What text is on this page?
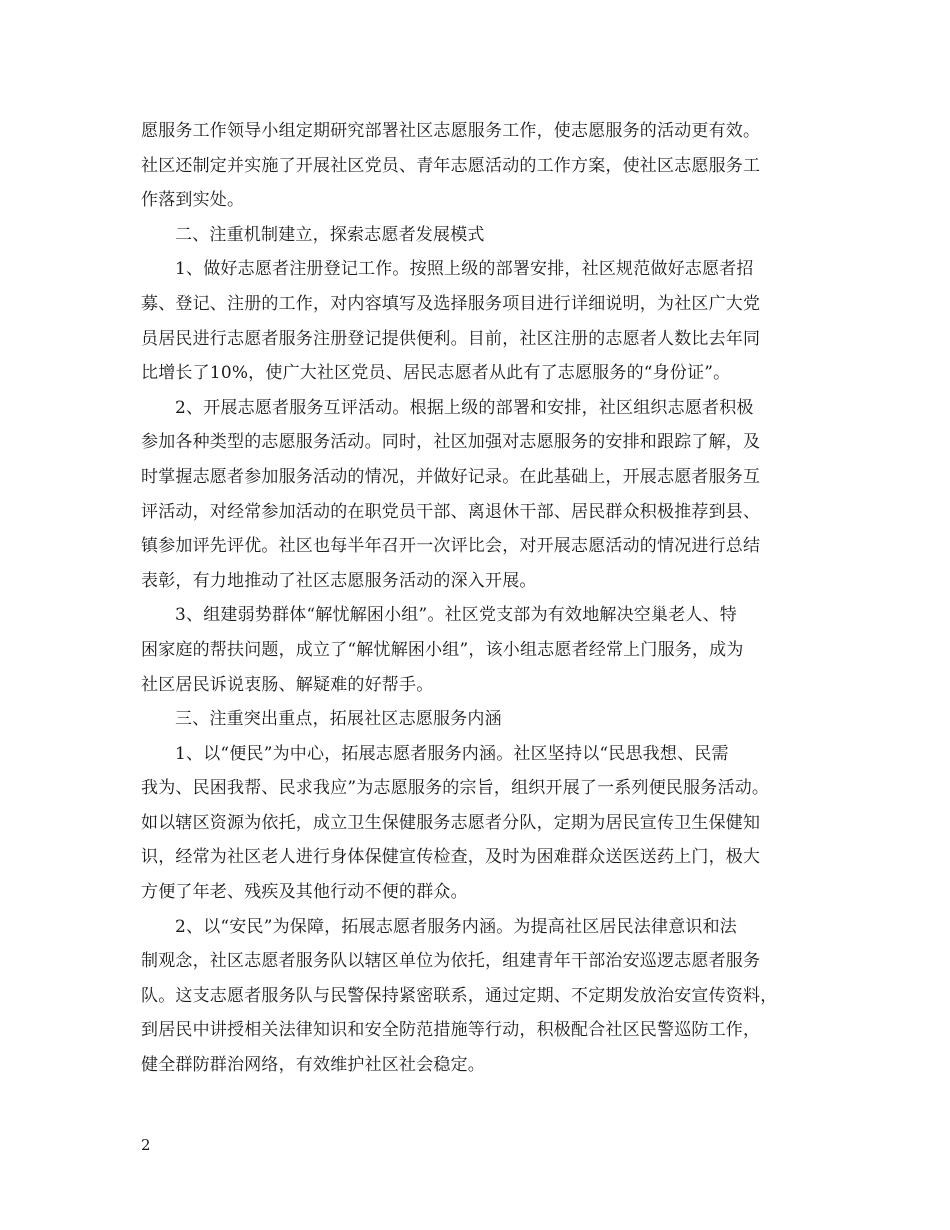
愿服务工作领导小组定期研究部署社区志愿服务工作，使志愿服务的活动更有效。
社区还制定并实施了开展社区党员、青年志愿活动的工作方案，使社区志愿服务工
作落到实处。
二、注重机制建立，探索志愿者发展模式
1、做好志愿者注册登记工作。按照上级的部署安排，社区规范做好志愿者招
募、登记、注册的工作，对内容填写及选择服务项目进行详细说明，为社区广大党
员居民进行志愿者服务注册登记提供便利。目前，社区注册的志愿者人数比去年同
比增长了10%，使广大社区党员、居民志愿者从此有了志愿服务的“身份证”。
2、开展志愿者服务互评活动。根据上级的部署和安排，社区组织志愿者积极
参加各种类型的志愿服务活动。同时，社区加强对志愿服务的安排和跟踪了解，及
时掌握志愿者参加服务活动的情况，并做好记录。在此基础上，开展志愿者服务互
评活动，对经常参加活动的在职党员干部、离退休干部、居民群众积极推荐到县、
镇参加评先评优。社区也每半年召开一次评比会，对开展志愿活动的情况进行总结
表彰，有力地推动了社区志愿服务活动的深入开展。
3、组建弱势群体“解忧解困小组”。社区党支部为有效地解决空巢老人、特
困家庭的帮扶问题，成立了“解忧解困小组”，该小组志愿者经常上门服务，成为
社区居民诉说衷肠、解疑难的好帮手。
三、注重突出重点，拓展社区志愿服务内涵
1、以“便民”为中心，拓展志愿者服务内涵。社区坚持以“民思我想、民需
我为、民困我帮、民求我应”为志愿服务的宗旨，组织开展了一系列便民服务活动。
如以辖区资源为依托，成立卫生保健服务志愿者分队，定期为居民宣传卫生保健知
识，经常为社区老人进行身体保健宣传检查，及时为困难群众送医送药上门，极大
方便了年老、残疾及其他行动不便的群众。
2、以“安民”为保障，拓展志愿者服务内涵。为提高社区居民法律意识和法
制观念，社区志愿者服务队以辖区单位为依托，组建青年干部治安巡逻志愿者服务
队。这支志愿者服务队与民警保持紧密联系，通过定期、不定期发放治安宣传资料，
到居民中讲授相关法律知识和安全防范措施等行动，积极配合社区民警巡防工作，
健全群防群治网络，有效维护社区社会稳定。
2
